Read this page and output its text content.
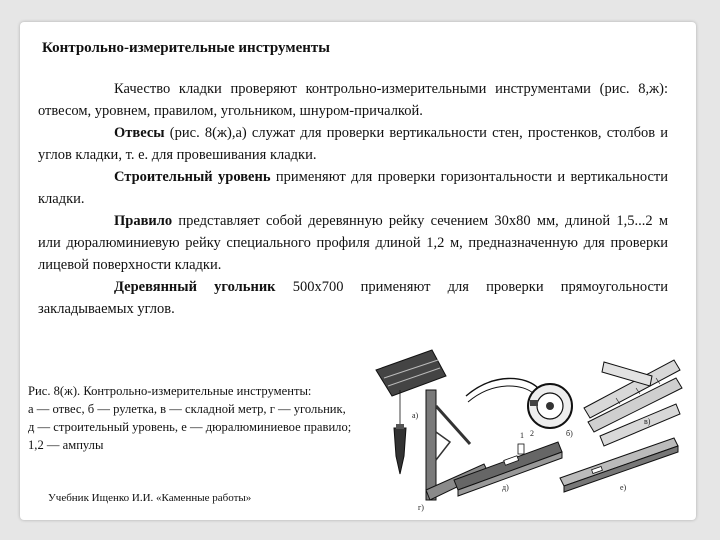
Контрольно-измерительные инструменты

Качество кладки проверяют контрольно-измерительными инструментами (рис. 8,ж): отвесом, уровнем, правилом, угольником, шнуром-причалкой.

Отвесы (рис. 8(ж),а) служат для проверки вертикальности стен, простенков, столбов и углов кладки, т. е. для провешивания кладки.

Строительный уровень применяют для проверки горизонтальности и вертикальности кладки.

Правило представляет собой деревянную рейку сечением 30х80 мм, длиной 1,5...2 м или дюралюминиевую рейку специального профиля длиной 1,2 м, предназначенную для проверки лицевой поверхности кладки.

Деревянный угольник 500х700 применяют для проверки прямоугольности закладываемых углов.

Рис. 8(ж). Контрольно-измерительные инструменты:
а — отвес, б — рулетка, в — складной метр, г — угольник, д — строительный уровень, е — дюралюминиевое правило; 1,2 — ампулы
Учебник Ищенко И.И. «Каменные работы»
а)
б)
в)
г)
д)	е)
1 2
